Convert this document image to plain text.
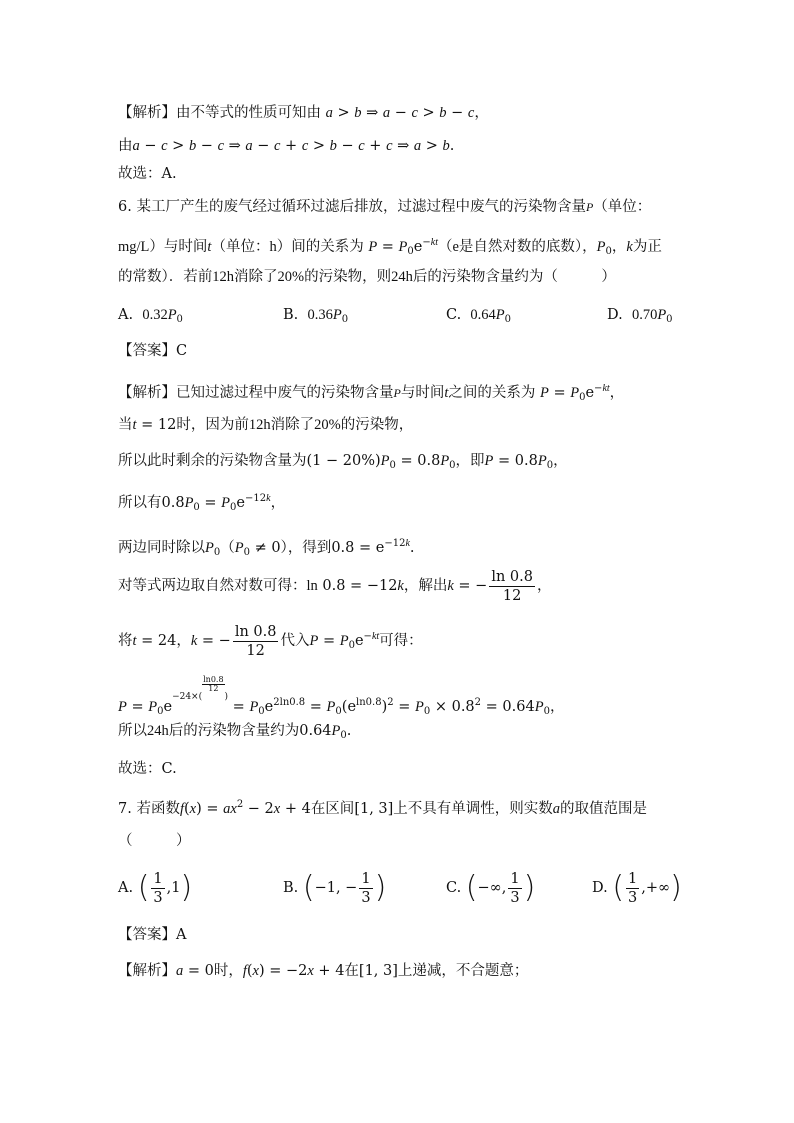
【解析】由不等式的性质可知由 a > b ⇒ a − c > b − c，
由a − c > b − c ⇒ a − c + c > b − c + c ⇒ a > b.
故选：A.
6. 某工厂产生的废气经过循环过滤后排放，过滤过程中废气的污染物含量P（单位：
mg/L）与时间t（单位：h）间的关系为 $P = P_0e^{-kt}(e$是自然对数的底数），$P_0$，k为正
的常数）．若前12h消除了20%的污染物，则24h后的污染物含量约为（　　　）
A. $0.32P_0$	B. $0.36P_0$	C. $0.64P_0$	D. $0.70P_0$
【答案】C
【解析】已知过滤过程中废气的污染物含量P与时间t之间的关系为 $P = P_0e^{-kt}$，
当t = 12时，因为前12h消除了20%的污染物，
所以此时剩余的污染物含量为$(1 - 20\%)P_0 = 0.8P_0$，即$P = 0.8P_0$，
所以有$0.8P_0 = P_0e^{-12k}$，
两边同时除以$P_0(P_0 \ne 0)$，得到$0.8 = e^{-12k}$.
对等式两边取自然对数可得：ln 0.8 = −12k，解出k = − $\frac{\ln 0.8}{12}$ ，
将t = 24，k = − $\frac{\ln 0.8}{12}$ 代入$P = P_0e^{-kt}$可得：
$P = P_0e-24\times$(
$\frac{\ln 0.8}{12}$
) = $P_0e^{2ln0.8} = P_0(e^{ln0.8})^2 = P_0 \times 0.8^2 = 0.64P_0$，
所以24h后的污染物含量约为$0.64P_0$.
故选：C.
7. 若函数$f(x) = ax^2 - 2x + 4$在区间[1, 3]上不具有单调性，则实数a的取值范围是
（　　　）
A. ( $\frac{1}{3} ,1$)	B. (−1, − $\frac{1}{3}$ )	C. (−∞, $\frac{1}{3}$ )	D. ( $\frac{1}{3}$ ,+∞)
【答案】A
【解析】a = 0时，f(x) = −2x + 4在[1, 3]上递减，不合题意；
